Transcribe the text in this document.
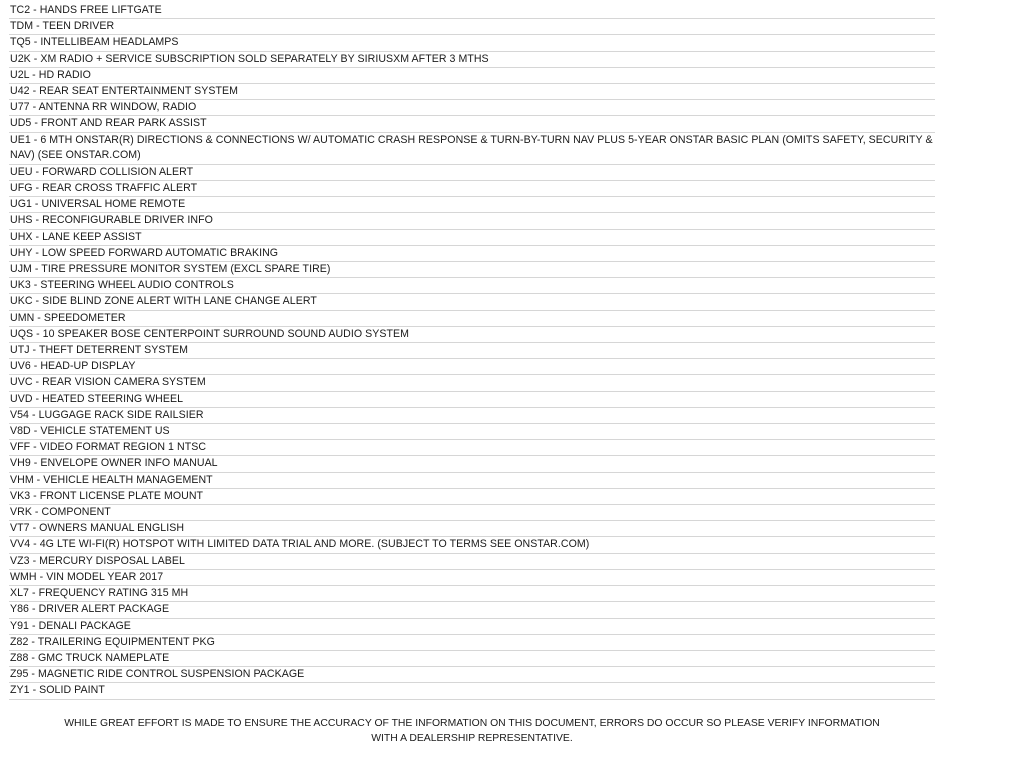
TC2 - HANDS FREE LIFTGATE
TDM - TEEN DRIVER
TQ5 - INTELLIBEAM HEADLAMPS
U2K - XM RADIO + SERVICE SUBSCRIPTION SOLD SEPARATELY BY SIRIUSXM AFTER 3 MTHS
U2L - HD RADIO
U42 - REAR SEAT ENTERTAINMENT SYSTEM
U77 - ANTENNA RR WINDOW, RADIO
UD5 - FRONT AND REAR PARK ASSIST
UE1 - 6 MTH ONSTAR(R) DIRECTIONS & CONNECTIONS W/ AUTOMATIC CRASH RESPONSE & TURN-BY-TURN NAV PLUS 5-YEAR ONSTAR BASIC PLAN (OMITS SAFETY, SECURITY & NAV) (SEE ONSTAR.COM)
UEU - FORWARD COLLISION ALERT
UFG - REAR CROSS TRAFFIC ALERT
UG1 - UNIVERSAL HOME REMOTE
UHS - RECONFIGURABLE DRIVER INFO
UHX - LANE KEEP ASSIST
UHY - LOW SPEED FORWARD AUTOMATIC BRAKING
UJM - TIRE PRESSURE MONITOR SYSTEM (EXCL SPARE TIRE)
UK3 - STEERING WHEEL AUDIO CONTROLS
UKC - SIDE BLIND ZONE ALERT WITH LANE CHANGE ALERT
UMN - SPEEDOMETER
UQS - 10 SPEAKER BOSE CENTERPOINT SURROUND SOUND AUDIO SYSTEM
UTJ - THEFT DETERRENT SYSTEM
UV6 - HEAD-UP DISPLAY
UVC - REAR VISION CAMERA SYSTEM
UVD - HEATED STEERING WHEEL
V54 - LUGGAGE RACK SIDE RAILSIER
V8D - VEHICLE STATEMENT US
VFF - VIDEO FORMAT REGION 1 NTSC
VH9 - ENVELOPE OWNER INFO MANUAL
VHM - VEHICLE HEALTH MANAGEMENT
VK3 - FRONT LICENSE PLATE MOUNT
VRK - COMPONENT
VT7 - OWNERS MANUAL ENGLISH
VV4 - 4G LTE WI-FI(R) HOTSPOT WITH LIMITED DATA TRIAL AND MORE. (SUBJECT TO TERMS SEE ONSTAR.COM)
VZ3 - MERCURY DISPOSAL LABEL
WMH - VIN MODEL YEAR 2017
XL7 - FREQUENCY RATING 315 MH
Y86 - DRIVER ALERT PACKAGE
Y91 - DENALI PACKAGE
Z82 - TRAILERING EQUIPMENTENT PKG
Z88 - GMC TRUCK NAMEPLATE
Z95 - MAGNETIC RIDE CONTROL SUSPENSION PACKAGE
ZY1 - SOLID PAINT
WHILE GREAT EFFORT IS MADE TO ENSURE THE ACCURACY OF THE INFORMATION ON THIS DOCUMENT, ERRORS DO OCCUR SO PLEASE VERIFY INFORMATION WITH A DEALERSHIP REPRESENTATIVE.
